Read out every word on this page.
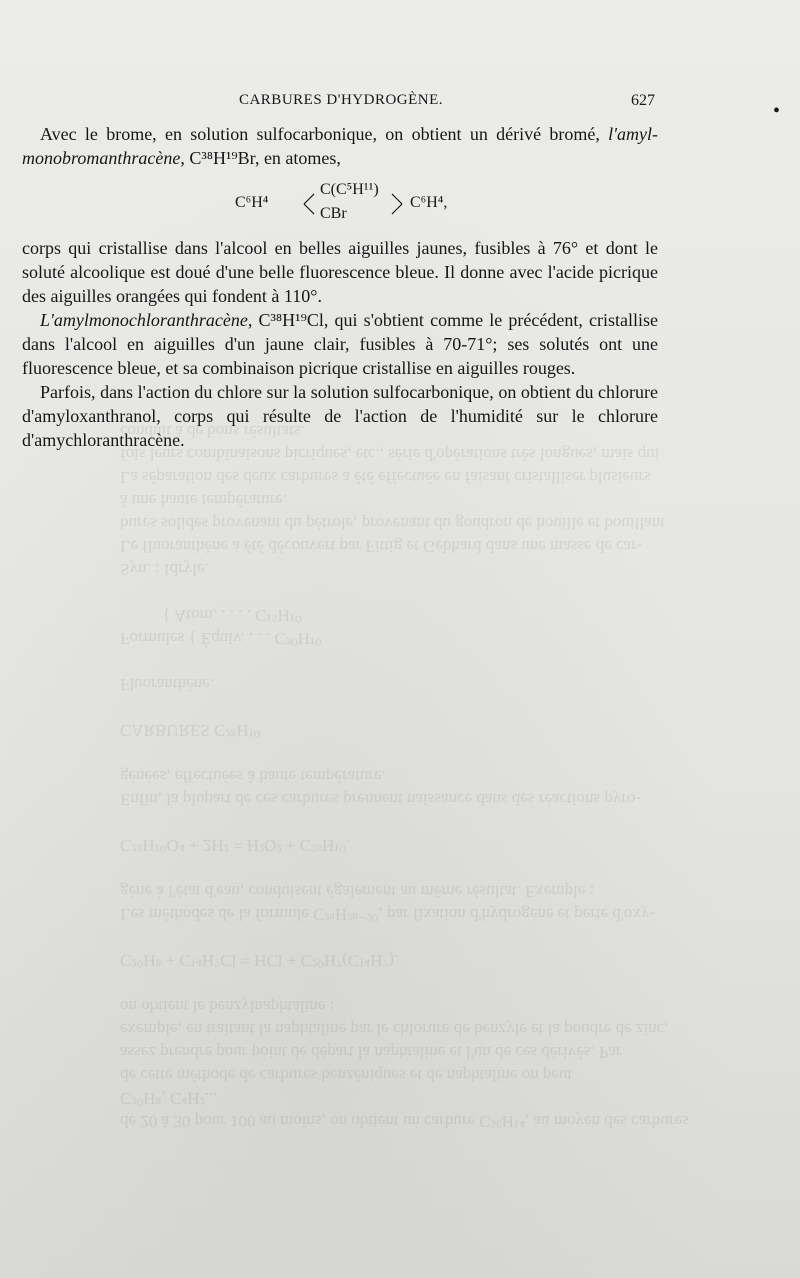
de 20 à 30 pour 100 au moins, on obtient un carbure C³⁶H¹⁴, au moyen des carbures C²⁰H⁸, C⁴H²...
de cette méthode de carbures benzéniques et de naphtaline on peut
assez prendre pour point de départ la naphtaline et l'un de ces dérivés. Par
exemple, en traitant la naphtaline par le chlorure de benzyle et la poudre de zinc,
on obtient le benzylnaphtaline :

C²⁰H⁸ + C¹⁴H⁷Cl = HCl + C²⁰H⁷(C¹⁴H⁷).

Les méthodes de la formule C²ⁿH²ⁿ⁻²⁰, par fixation d'hydrogène et perte d'oxy-
gène à l'état d'eau, conduisent également au même résultat. Exemple :

C²⁸H¹⁰O⁴ + 2H² = H²O² + C²⁸H¹⁰.

Enfin, la plupart de ces carbures prennent naissance dans des réactions pyro-
génées, effectuées à haute température.

CARBURES C²⁸H¹⁰

Fluoranthène.

Formules { Équiv. . . . C³⁰H¹⁰
{ Atom. . . . . C¹⁵H¹⁰

Syn. : Idryle.
Le fluoranthène a été découvert par Fittig et Gebhard dans une masse de car-
bures solides provenant du pétrole, provenant du goudron de houille et bouillant
à une haute température.
La séparation des deux carbures a été effectuée en faisant cristalliser plusieurs
fois leurs combinaisons picriques, etc., série d'opérations très longues, mais qui
conduit à de bons résultats.
CARBURES D'HYDROGÈNE.	627

Avec le brome, en solution sulfocarbonique, on obtient un dérivé bromé, l'amyl-monobromanthracène, C³⁸H¹⁹Br, en atomes,

C⁶H⁴
C(C⁵H¹¹)
CBr
C⁶H⁴,

corps qui cristallise dans l'alcool en belles aiguilles jaunes, fusibles à 76° et dont le soluté alcoolique est doué d'une belle fluorescence bleue. Il donne avec l'acide picrique des aiguilles orangées qui fondent à 110°.

L'amylmonochloranthracène, C³⁸H¹⁹Cl, qui s'obtient comme le précédent, cristallise dans l'alcool en aiguilles d'un jaune clair, fusibles à 70-71°; ses solutés ont une fluorescence bleue, et sa combinaison picrique cristallise en aiguilles rouges.

Parfois, dans l'action du chlore sur la solution sulfocarbonique, on obtient du chlorure d'amyloxanthranol, corps qui résulte de l'action de l'humidité sur le chlorure d'amychloranthracène.

•
